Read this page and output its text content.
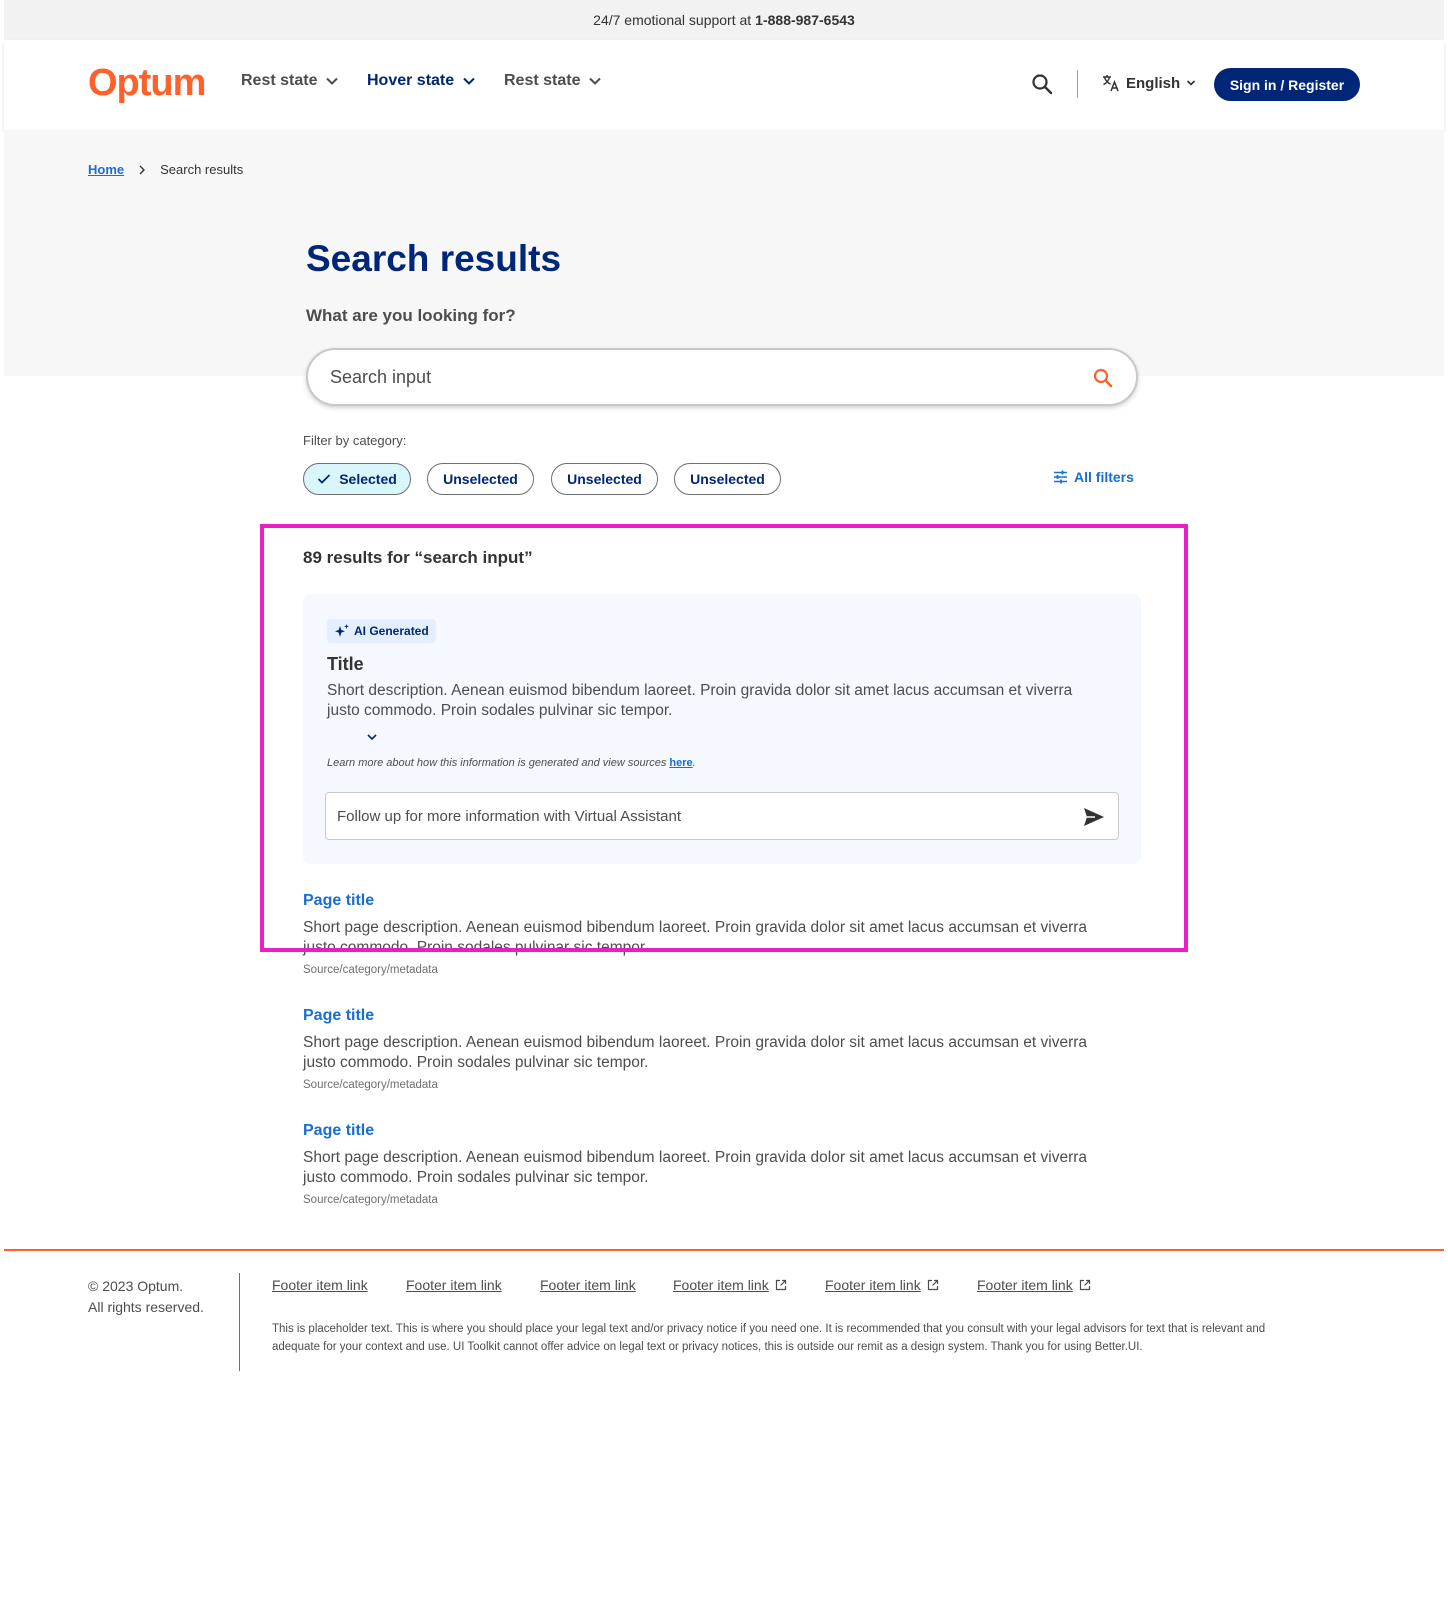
24/7 emotional support at 1-888-987-6543
Optum Rest state	Hover state	Rest state	English	Sign in / Register
Home	Search results
Search results
What are you looking for?
Search input
Filter by category:
Selected	Unselected	Unselected	Unselected	All filters
89 results for “search input”
AI Generated
Title
Short description. Aenean euismod bibendum laoreet. Proin gravida dolor sit amet lacus accumsan et viverra justo commodo. Proin sodales pulvinar sic tempor.
Learn more about how this information is generated and view sources here.
Follow up for more information with Virtual Assistant
Page title
Short page description. Aenean euismod bibendum laoreet. Proin gravida dolor sit amet lacus accumsan et viverra justo commodo. Proin sodales pulvinar sic tempor.
Source/category/metadata
Page title
Short page description. Aenean euismod bibendum laoreet. Proin gravida dolor sit amet lacus accumsan et viverra justo commodo. Proin sodales pulvinar sic tempor.
Source/category/metadata
Page title
Short page description. Aenean euismod bibendum laoreet. Proin gravida dolor sit amet lacus accumsan et viverra justo commodo. Proin sodales pulvinar sic tempor.
Source/category/metadata
© 2023 Optum.
All rights reserved.
Footer item link	Footer item link	Footer item link	Footer item link	Footer item link	Footer item link
This is placeholder text. This is where you should place your legal text and/or privacy notice if you need one. It is recommended that you consult with your legal advisors for text that is relevant and adequate for your context and use. UI Toolkit cannot offer advice on legal text or privacy notices, this is outside our remit as a design system. Thank you for using Better.UI.
